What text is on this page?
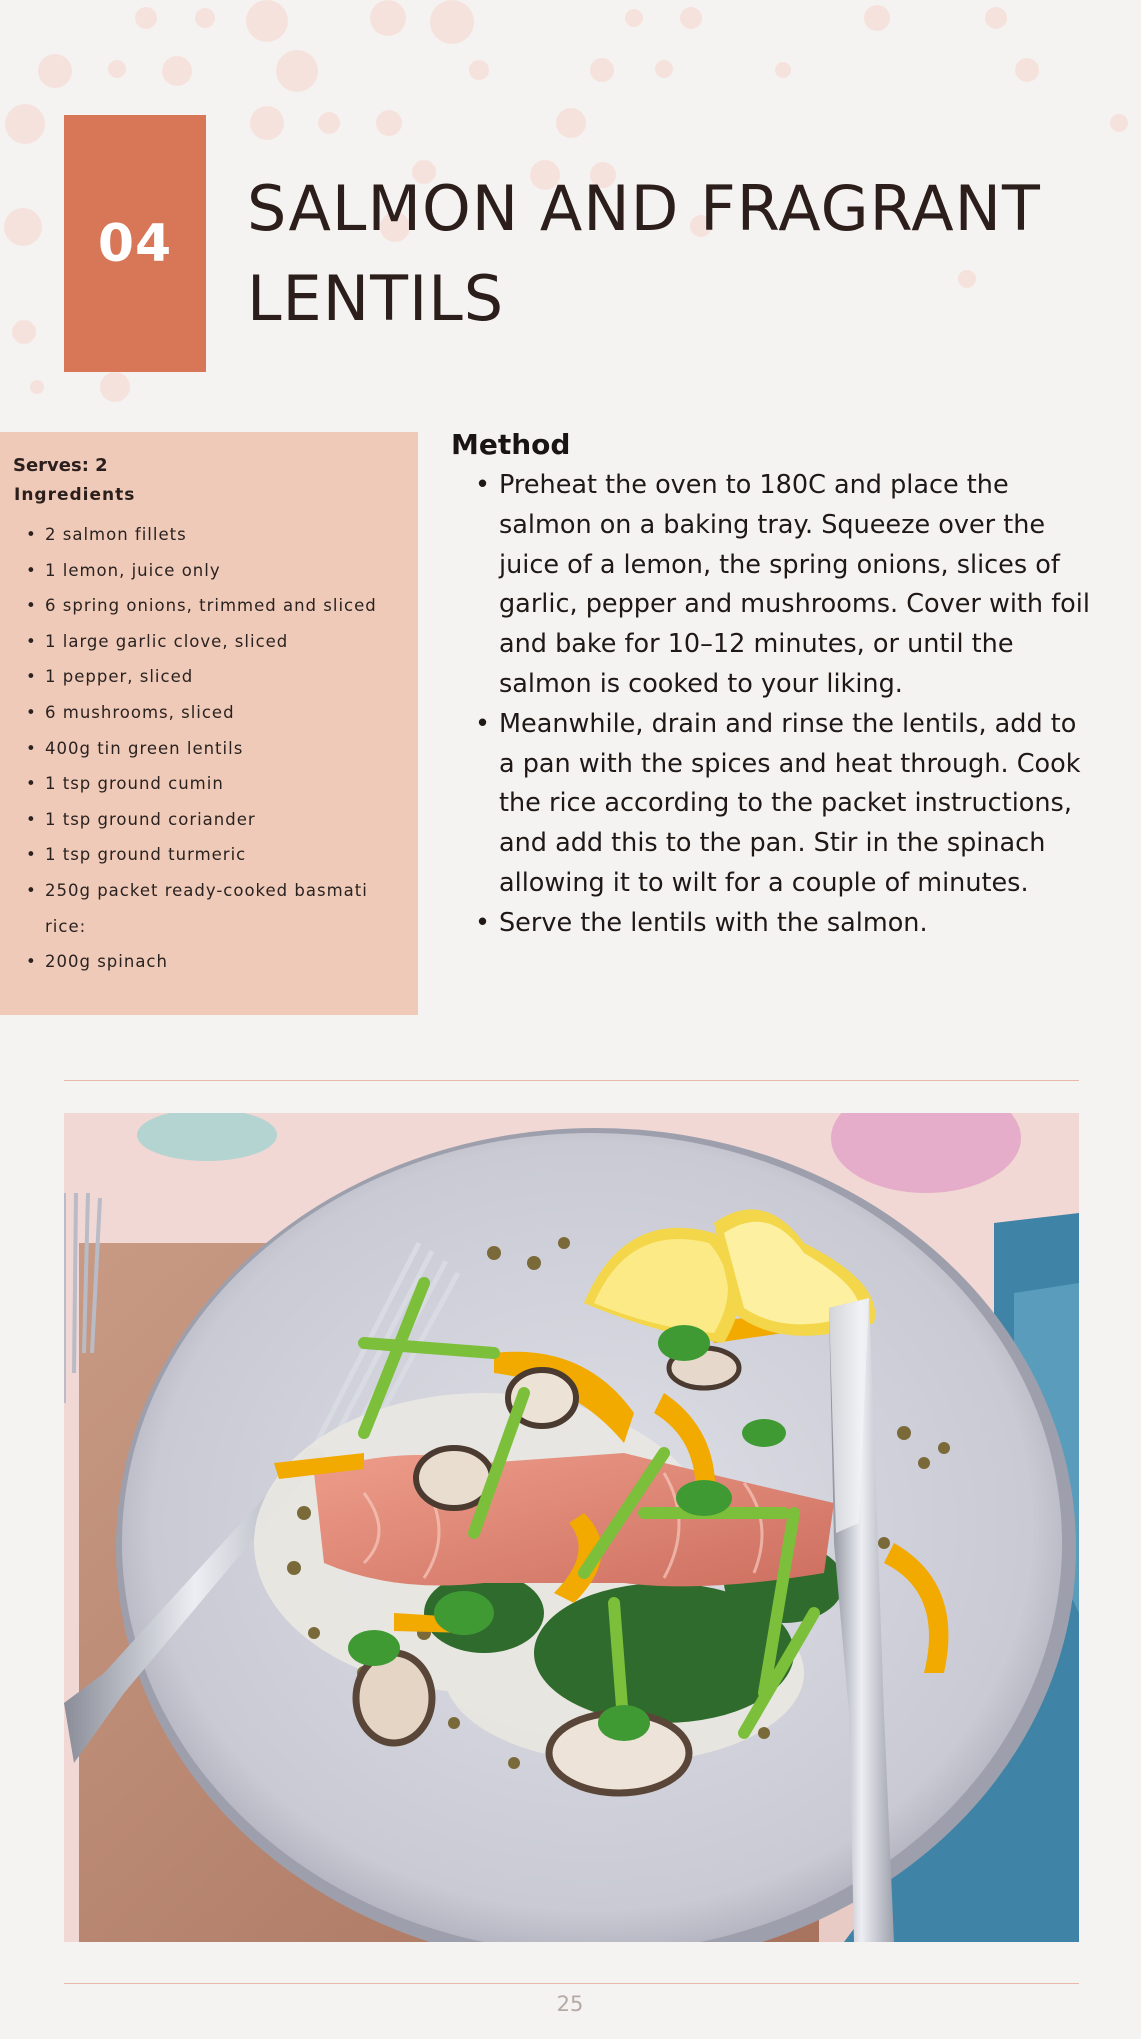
04 SALMON AND FRAGRANT LENTILS
Serves: 2
Ingredients
• 2 salmon fillets
• 1 lemon, juice only
• 6 spring onions, trimmed and sliced
• 1 large garlic clove, sliced
• 1 pepper, sliced
• 6 mushrooms, sliced
• 400g tin green lentils
• 1 tsp ground cumin
• 1 tsp ground coriander
• 1 tsp ground turmeric
• 250g packet ready-cooked basmati rice:
• 200g spinach
Method
• Preheat the oven to 180C and place the salmon on a baking tray. Squeeze over the juice of a lemon, the spring onions, slices of garlic, pepper and mushrooms. Cover with foil and bake for 10–12 minutes, or until the salmon is cooked to your liking.
• Meanwhile, drain and rinse the lentils, add to a pan with the spices and heat through. Cook the rice according to the packet instructions, and add this to the pan. Stir in the spinach allowing it to wilt for a couple of minutes.
• Serve the lentils with the salmon.
25
